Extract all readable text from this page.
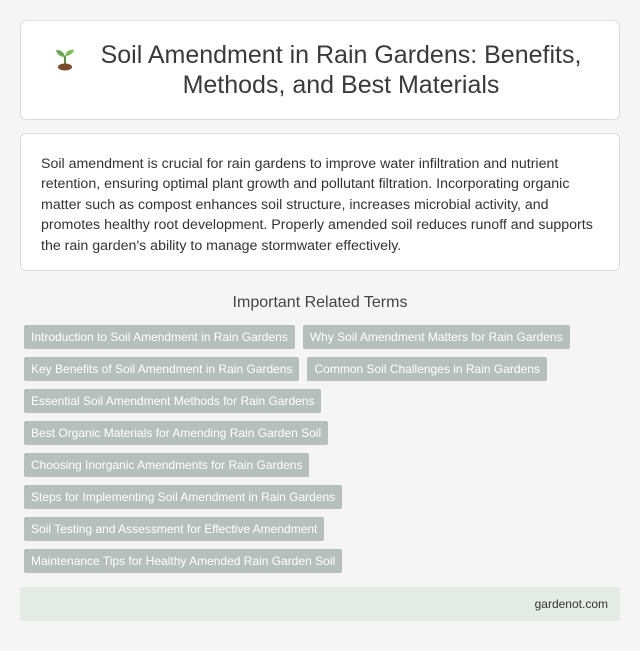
Soil Amendment in Rain Gardens: Benefits, Methods, and Best Materials

Soil amendment is crucial for rain gardens to improve water infiltration and nutrient retention, ensuring optimal plant growth and pollutant filtration. Incorporating organic matter such as compost enhances soil structure, increases microbial activity, and promotes healthy root development. Properly amended soil reduces runoff and supports the rain garden's ability to manage stormwater effectively.

Important Related Terms
Introduction to Soil Amendment in Rain Gardens	Why Soil Amendment Matters for Rain Gardens
Key Benefits of Soil Amendment in Rain Gardens	Common Soil Challenges in Rain Gardens
Essential Soil Amendment Methods for Rain Gardens
Best Organic Materials for Amending Rain Garden Soil
Choosing Inorganic Amendments for Rain Gardens
Steps for Implementing Soil Amendment in Rain Gardens
Soil Testing and Assessment for Effective Amendment
Maintenance Tips for Healthy Amended Rain Garden Soil
gardenot.com
